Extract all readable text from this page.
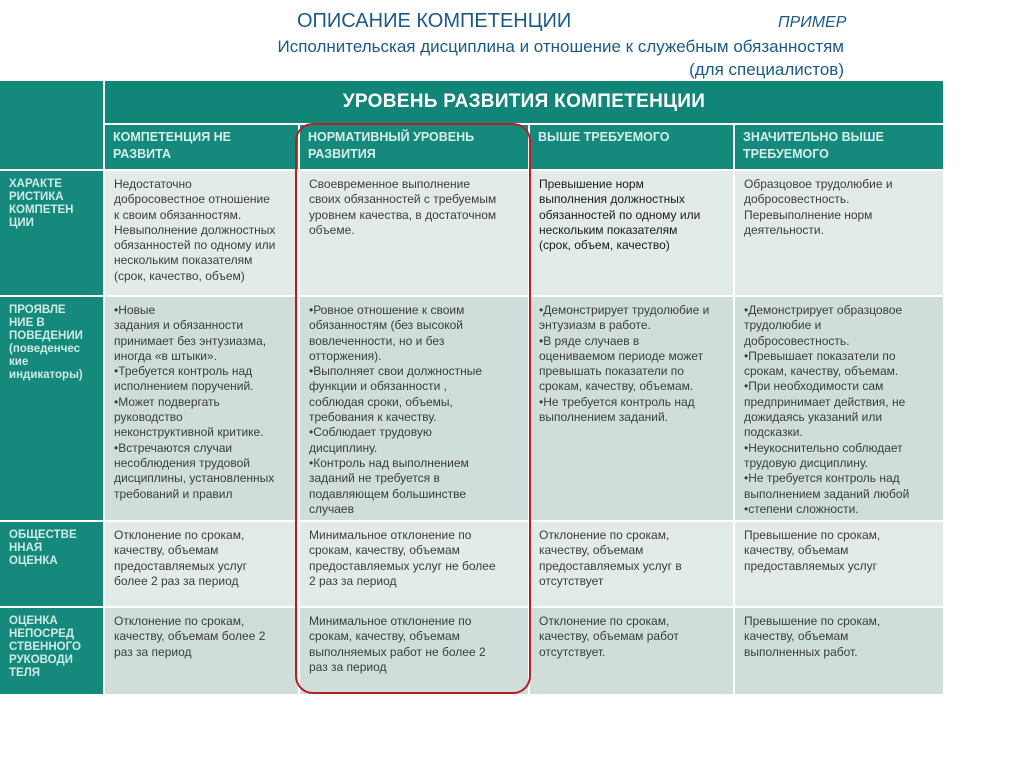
ОПИСАНИЕ КОМПЕТЕНЦИИ	ПРИМЕР
Исполнительская дисциплина и отношение к служебным обязанностям
(для специалистов)
УРОВЕНЬ РАЗВИТИЯ КОМПЕТЕНЦИИ
КОМПЕТЕНЦИЯ НЕ
РАЗВИТА
НОРМАТИВНЫЙ УРОВЕНЬ
РАЗВИТИЯ
ВЫШЕ ТРЕБУЕМОГО	ЗНАЧИТЕЛЬНО ВЫШЕ
ТРЕБУЕМОГО
ХАРАКТЕ
РИСТИКА
КОМПЕТЕН
ЦИИ
Недостаточно
добросовестное отношение
к своим обязанностям.
Невыполнение должностных
обязанностей по одному или
нескольким показателям
(срок, качество, объем)
Своевременное выполнение
своих обязанностей с требуемым
уровнем качества, в достаточном
объеме.
Превышение норм
выполнения должностных
обязанностей по одному или
нескольким показателям
(срок, объем, качество)
Образцовое трудолюбие и
добросовестность.
Перевыполнение норм
деятельности.
ПРОЯВЛЕ
НИЕ В
ПОВЕДЕНИИ
(поведенчес
кие
индикаторы)
•Новые
задания и обязанности
принимает без энтузиазма,
иногда «в штыки».
•Требуется контроль над
исполнением поручений.
•Может подвергать
руководство
неконструктивной критике.
•Встречаются случаи
несоблюдения трудовой
дисциплины, установленных
требований и правил
•Ровное отношение к своим
обязанностям (без высокой
вовлеченности, но и без
отторжения).
•Выполняет свои должностные
функции и обязанности ,
соблюдая сроки, объемы,
требования к качеству.
•Соблюдает трудовую
дисциплину.
•Контроль над выполнением
заданий не требуется в
подавляющем большинстве
случаев
•Демонстрирует трудолюбие и
энтузиазм в работе.
•В ряде случаев в
оцениваемом периоде может
превышать показатели по
срокам, качеству, объемам.
•Не требуется контроль над
выполнением заданий.
•Демонстрирует образцовое
трудолюбие и
добросовестность.
•Превышает показатели по
срокам, качеству, объемам.
•При необходимости сам
предпринимает действия, не
дожидаясь указаний или
подсказки.
•Неукоснительно соблюдает
трудовую дисциплину.
•Не требуется контроль над
выполнением заданий любой
•степени сложности.
ОБЩЕСТВЕ
ННАЯ
ОЦЕНКА
Отклонение по срокам,
качеству, объемам
предоставляемых услуг
более 2 раз за период
Минимальное отклонение по
срокам, качеству, объемам
предоставляемых услуг не более
2 раз за период
Отклонение по срокам,
качеству, объемам
предоставляемых услуг в
отсутствует
Превышение по срокам,
качеству, объемам
предоставляемых услуг
ОЦЕНКА
НЕПОСРЕД
СТВЕННОГО
РУКОВОДИ
ТЕЛЯ
Отклонение по срокам,
качеству, объемам более 2
раз за период
Минимальное отклонение по
срокам, качеству, объемам
выполняемых работ не более 2
раз за период
Отклонение по срокам,
качеству, объемам работ
отсутствует.
Превышение по срокам,
качеству, объемам
выполненных работ.
